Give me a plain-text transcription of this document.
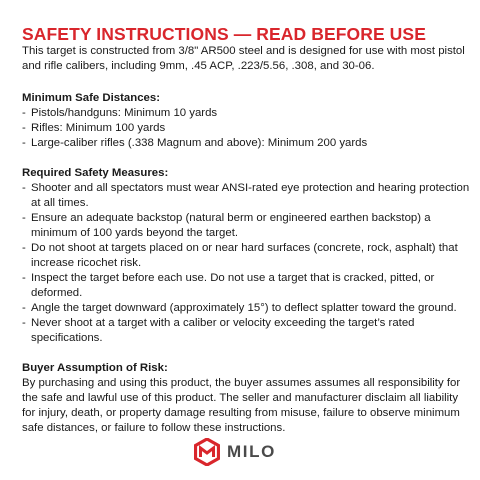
SAFETY INSTRUCTIONS — READ BEFORE USE

This target is constructed from 3/8" AR500 steel and is designed for use with most pistol and rifle calibers, including 9mm, .45 ACP, .223/5.56, .308, and 30-06.

Minimum Safe Distances:

- Pistols/handguns: Minimum 10 yards
- Rifles: Minimum 100 yards
- Large-caliber rifles (.338 Magnum and above): Minimum 200 yards

Required Safety Measures:

- Shooter and all spectators must wear ANSI-rated eye protection and hearing protection at all times.
- Ensure an adequate backstop (natural berm or engineered earthen backstop) a minimum of 100 yards beyond the target.
- Do not shoot at targets placed on or near hard surfaces (concrete, rock, asphalt) that increase ricochet risk.
- Inspect the target before each use. Do not use a target that is cracked, pitted, or deformed.
- Angle the target downward (approximately 15°) to deflect splatter toward the ground.
- Never shoot at a target with a caliber or velocity exceeding the target’s rated specifications.

Buyer Assumption of Risk:

By purchasing and using this product, the buyer assumes assumes all responsibility for the safe and lawful use of this product. The seller and manufacturer disclaim all liability for injury, death, or property damage resulting from misuse, failure to observe minimum safe distances, or failure to follow these instructions.

MILO
